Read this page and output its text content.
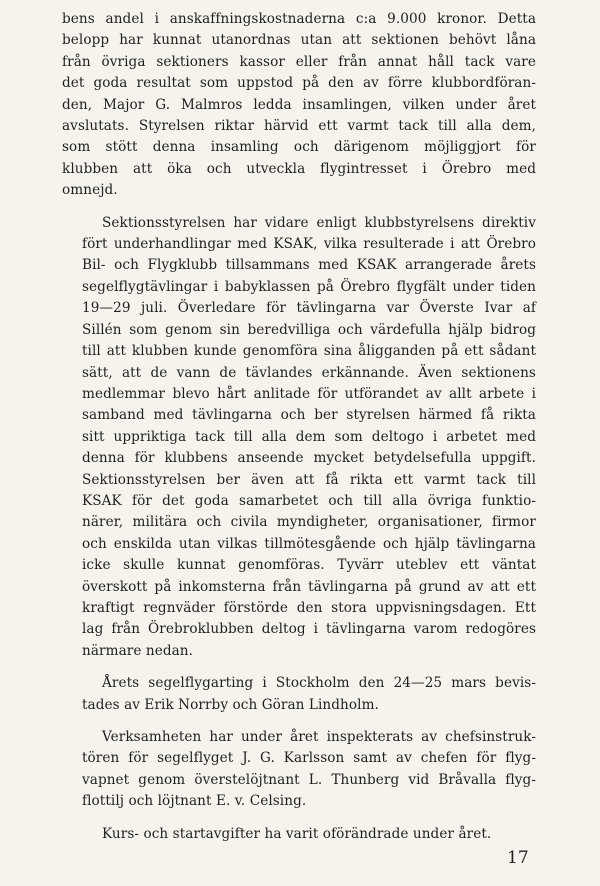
bens andel i anskaffningskostnaderna c:a 9.000 kronor. Detta
belopp har kunnat utanordnas utan att sektionen behövt låna
från övriga sektioners kassor eller från annat håll tack vare
det goda resultat som uppstod på den av förre klubbordföran-
den, Major G. Malmros ledda insamlingen, vilken under året
avslutats. Styrelsen riktar härvid ett varmt tack till alla dem,
som stött denna insamling och därigenom möjliggjort för
klubben att öka och utveckla flygintresset i Örebro med
omnejd.
Sektionsstyrelsen har vidare enligt klubbstyrelsens direktiv
fört underhandlingar med KSAK, vilka resulterade i att Örebro
Bil- och Flygklubb tillsammans med KSAK arrangerade årets
segelflygtävlingar i babyklassen på Örebro flygfält under tiden
19—29 juli. Överledare för tävlingarna var Överste Ivar af
Sillén som genom sin beredvilliga och värdefulla hjälp bidrog
till att klubben kunde genomföra sina åligganden på ett sådant
sätt, att de vann de tävlandes erkännande. Även sektionens
medlemmar blevo hårt anlitade för utförandet av allt arbete i
samband med tävlingarna och ber styrelsen härmed få rikta
sitt uppriktiga tack till alla dem som deltogo i arbetet med
denna för klubbens anseende mycket betydelsefulla uppgift.
Sektionsstyrelsen ber även att få rikta ett varmt tack till
KSAK för det goda samarbetet och till alla övriga funktio-
närer, militära och civila myndigheter, organisationer, firmor
och enskilda utan vilkas tillmötesgående och hjälp tävlingarna
icke skulle kunnat genomföras. Tyvärr uteblev ett väntat
överskott på inkomsterna från tävlingarna på grund av att ett
kraftigt regnväder förstörde den stora uppvisningsdagen. Ett
lag från Örebroklubben deltog i tävlingarna varom redogöres
närmare nedan.
Årets segelflygarting i Stockholm den 24—25 mars bevis-
tades av Erik Norrby och Göran Lindholm.
Verksamheten har under året inspekterats av chefsinstruk-
tören för segelflyget J. G. Karlsson samt av chefen för flyg-
vapnet genom överstelöjtnant L. Thunberg vid Bråvalla flyg-
flottilj och löjtnant E. v. Celsing.
Kurs- och startavgifter ha varit oförändrade under året.
17
